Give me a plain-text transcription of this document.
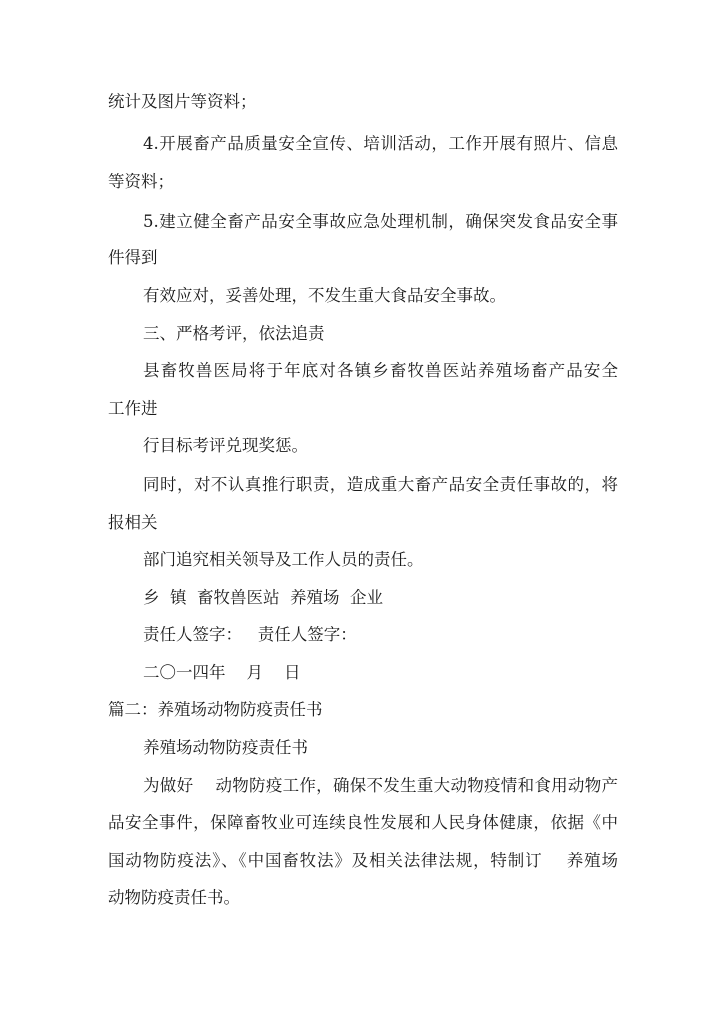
统计及图片等资料；
4.开展畜产品质量安全宣传、培训活动，工作开展有照片、信息
等资料；
5.建立健全畜产品安全事故应急处理机制，确保突发食品安全事
件得到
有效应对，妥善处理，不发生重大食品安全事故。
三、严格考评，依法追责
县畜牧兽医局将于年底对各镇乡畜牧兽医站养殖场畜产品安全
工作进
行目标考评兑现奖惩。
同时，对不认真推行职责，造成重大畜产品安全责任事故的，将
报相关
部门追究相关领导及工作人员的责任。
乡  镇  畜牧兽医站  养殖场  企业
责任人签字：   责任人签字：
二〇一四年    月    日
篇二：养殖场动物防疫责任书
养殖场动物防疫责任书
为做好    动物防疫工作，确保不发生重大动物疫情和食用动物产
品安全事件，保障畜牧业可连续良性发展和人民身体健康，依据《中
国动物防疫法》、《中国畜牧法》及相关法律法规，特制订    养殖场
动物防疫责任书。
